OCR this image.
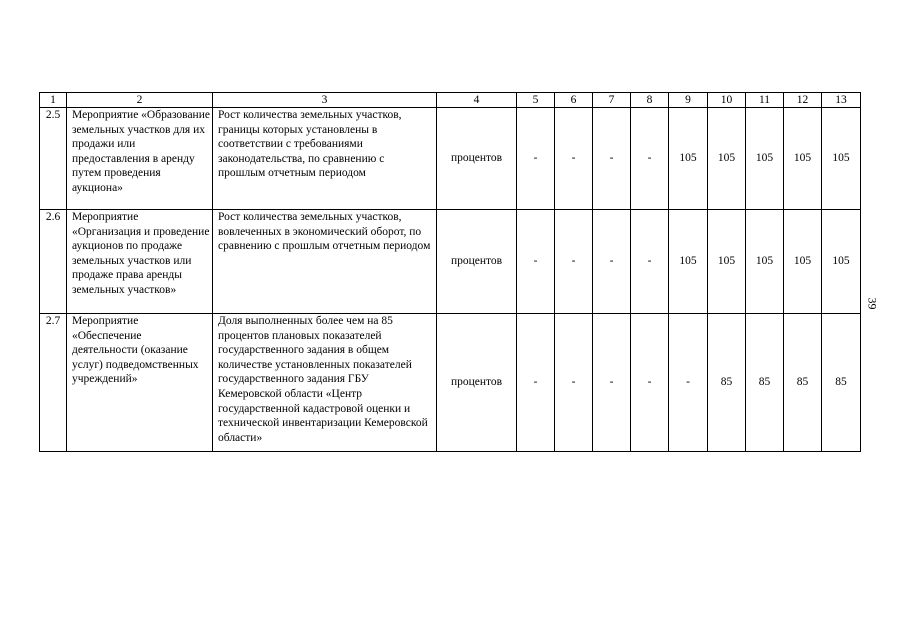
1	2	3	4	5	6	7	8	9	10	11	12	13
2.5	Мероприятие «Образование земельных участков для их продажи или предоставления в аренду путем проведения аукциона»	Рост количества земельных участков, границы которых установлены в соответствии с требованиями законодательства, по сравнению с прошлым отчетным периодом	процентов	-	-	-	-	105	105	105	105	105
2.6	Мероприятие «Организация и проведение аукционов по продаже земельных участков или продаже права аренды земельных участков»	Рост количества земельных участков, вовлеченных в экономический оборот, по сравнению с прошлым отчетным периодом	процентов	-	-	-	-	105	105	105	105	105
2.7	Мероприятие «Обеспечение деятельности (оказание услуг) подведомственных учреждений»	Доля выполненных более чем на 85 процентов плановых показателей государственного задания в общем количестве установленных показателей государственного задания ГБУ Кемеровской области «Центр государственной кадастровой оценки и технической инвентаризации Кемеровской области»	процентов	-	-	-	-	-	85	85	85	85
39
